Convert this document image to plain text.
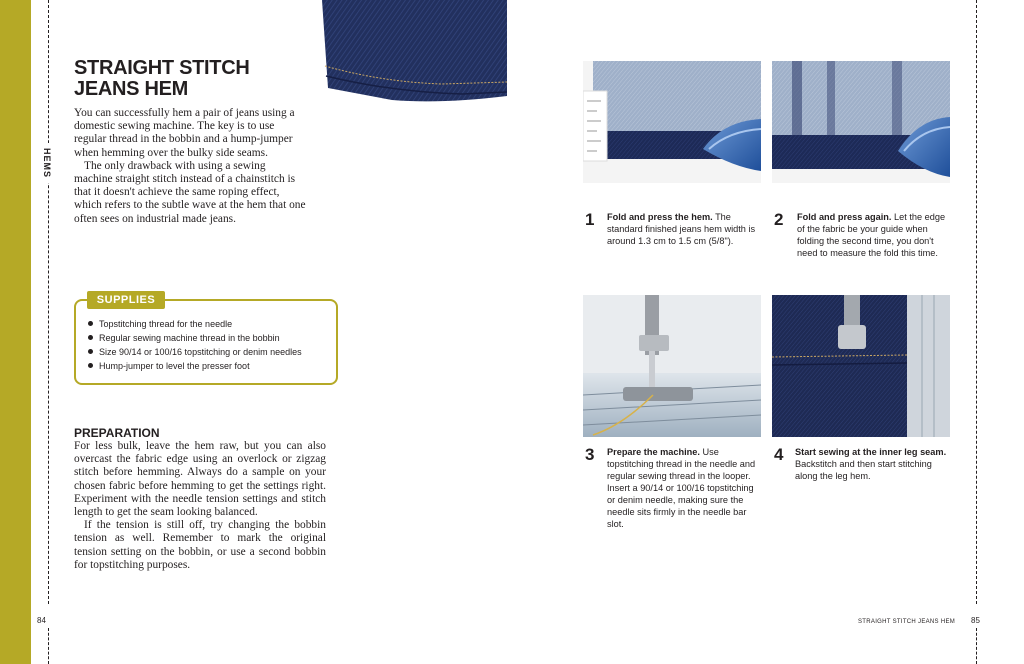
HEMS
STRAIGHT STITCH
JEANS HEM

You can successfully hem a pair of jeans using a domestic sewing machine. The key is to use regular thread in the bobbin and a hump-jumper when hemming over the bulky side seams.

The only drawback with using a sewing machine straight stitch instead of a chainstitch is that it doesn't achieve the same roping effect, which refers to the subtle wave at the hem that one often sees on industrial made jeans.

SUPPLIES
Topstitching thread for the needle
Regular sewing machine thread in the bobbin
Size 90/14 or 100/16 topstitching or denim needles
Hump-jumper to level the presser foot
PREPARATION

For less bulk, leave the hem raw, but you can also overcast the fabric edge using an overlock or zigzag stitch before hemming. Always do a sample on your chosen fabric before hemming to get the settings right. Experiment with the needle tension settings and stitch length to get the seam looking balanced.

If the tension is still off, try changing the bobbin tension as well. Remember to mark the original tension setting on the bobbin, or use a second bobbin for topstitching purposes.

84	STRAIGHT STITCH JEANS HEM 85
1 Fold and press the hem. The standard finished jeans hem width is around 1.3 cm to 1.5 cm (5/8").
2 Fold and press again. Let the edge of the fabric be your guide when folding the second time, you don't need to measure the fold this time.
3 Prepare the machine. Use topstitching thread in the needle and regular sewing thread in the looper. Insert a 90/14 or 100/16 topstitching or denim needle, making sure the needle sits firmly in the needle bar slot.
4 Start sewing at the inner leg seam. Backstitch and then start stitching along the leg hem.
